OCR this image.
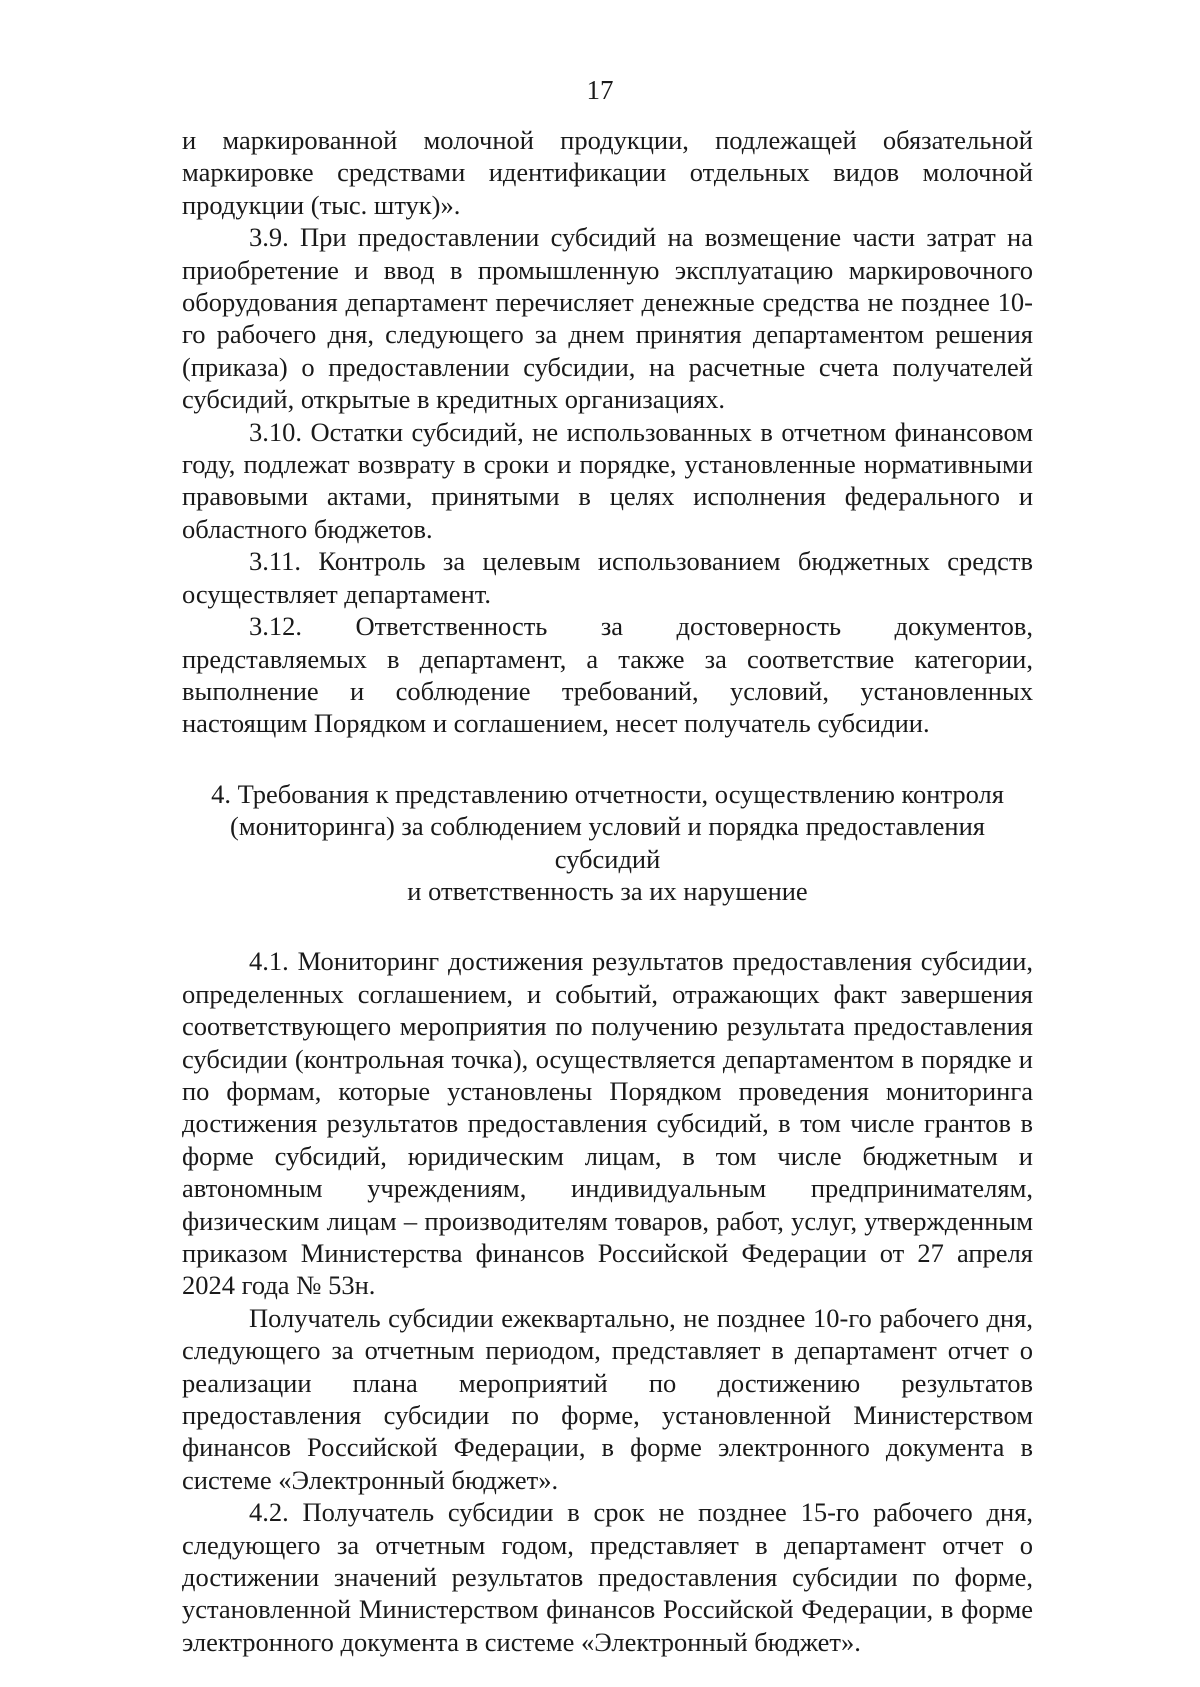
17

и маркированной молочной продукции, подлежащей обязательной маркировке средствами идентификации отдельных видов молочной продукции (тыс. штук)».

3.9. При предоставлении субсидий на возмещение части затрат на приобретение и ввод в промышленную эксплуатацию маркировочного оборудования департамент перечисляет денежные средства не позднее 10-го рабочего дня, следующего за днем принятия департаментом решения (приказа) о предоставлении субсидии, на расчетные счета получателей субсидий, открытые в кредитных организациях.

3.10. Остатки субсидий, не использованных в отчетном финансовом году, подлежат возврату в сроки и порядке, установленные нормативными правовыми актами, принятыми в целях исполнения федерального и областного бюджетов.

3.11. Контроль за целевым использованием бюджетных средств осуществляет департамент.

3.12. Ответственность за достоверность документов, представляемых в департамент, а также за соответствие категории, выполнение и соблюдение требований, условий, установленных настоящим Порядком и соглашением, несет получатель субсидии.

4. Требования к представлению отчетности, осуществлению контроля
(мониторинга) за соблюдением условий и порядка предоставления субсидий
и ответственность за их нарушение

4.1. Мониторинг достижения результатов предоставления субсидии, определенных соглашением, и событий, отражающих факт завершения соответствующего мероприятия по получению результата предоставления субсидии (контрольная точка), осуществляется департаментом в порядке и по формам, которые установлены Порядком проведения мониторинга достижения результатов предоставления субсидий, в том числе грантов в форме субсидий, юридическим лицам, в том числе бюджетным и автономным учреждениям, индивидуальным предпринимателям, физическим лицам – производителям товаров, работ, услуг, утвержденным приказом Министерства финансов Российской Федерации от 27 апреля 2024 года № 53н.

Получатель субсидии ежеквартально, не позднее 10-го рабочего дня, следующего за отчетным периодом, представляет в департамент отчет о реализации плана мероприятий по достижению результатов предоставления субсидии по форме, установленной Министерством финансов Российской Федерации, в форме электронного документа в системе «Электронный бюджет».

4.2. Получатель субсидии в срок не позднее 15-го рабочего дня, следующего за отчетным годом, представляет в департамент отчет о достижении значений результатов предоставления субсидии по форме, установленной Министерством финансов Российской Федерации, в форме электронного документа в системе «Электронный бюджет».
